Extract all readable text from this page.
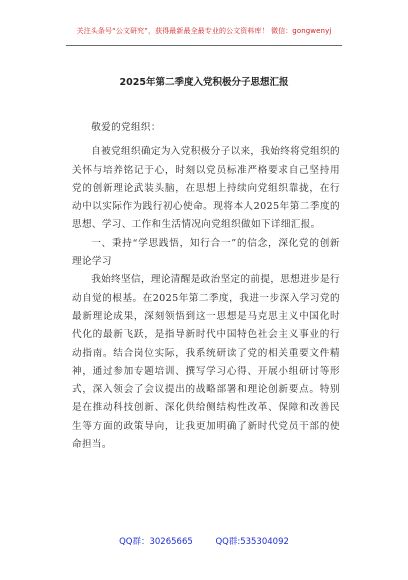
关注头条号“公文研究”，获得最新最全最专业的公文资料库！ 微信：gongwenyj
2025年第二季度入党积极分子思想汇报

敬爱的党组织：

自被党组织确定为入党积极分子以来，我始终将党组织的关怀与培养铭记于心，时刻以党员标准严格要求自己坚持用党的创新理论武装头脑，在思想上持续向党组织靠拢，在行动中以实际作为践行初心使命。现将本人2025年第二季度的思想、学习、工作和生活情况向党组织做如下详细汇报。

一、秉持“学思践悟，知行合一”的信念，深化党的创新理论学习

我始终坚信，理论清醒是政治坚定的前提，思想进步是行动自觉的根基。在2025年第二季度，我进一步深入学习党的最新理论成果，深刻领悟到这一思想是马克思主义中国化时代化的最新飞跃，是指导新时代中国特色社会主义事业的行动指南。结合岗位实际，我系统研读了党的相关重要文件精神，通过参加专题培训、撰写学习心得、开展小组研讨等形式，深入领会了会议提出的战略部署和理论创新要点。特别是在推动科技创新、深化供给侧结构性改革、保障和改善民生等方面的政策导向，让我更加明确了新时代党员干部的使命担当。

QQ群：30265665	QQ群:535304092
